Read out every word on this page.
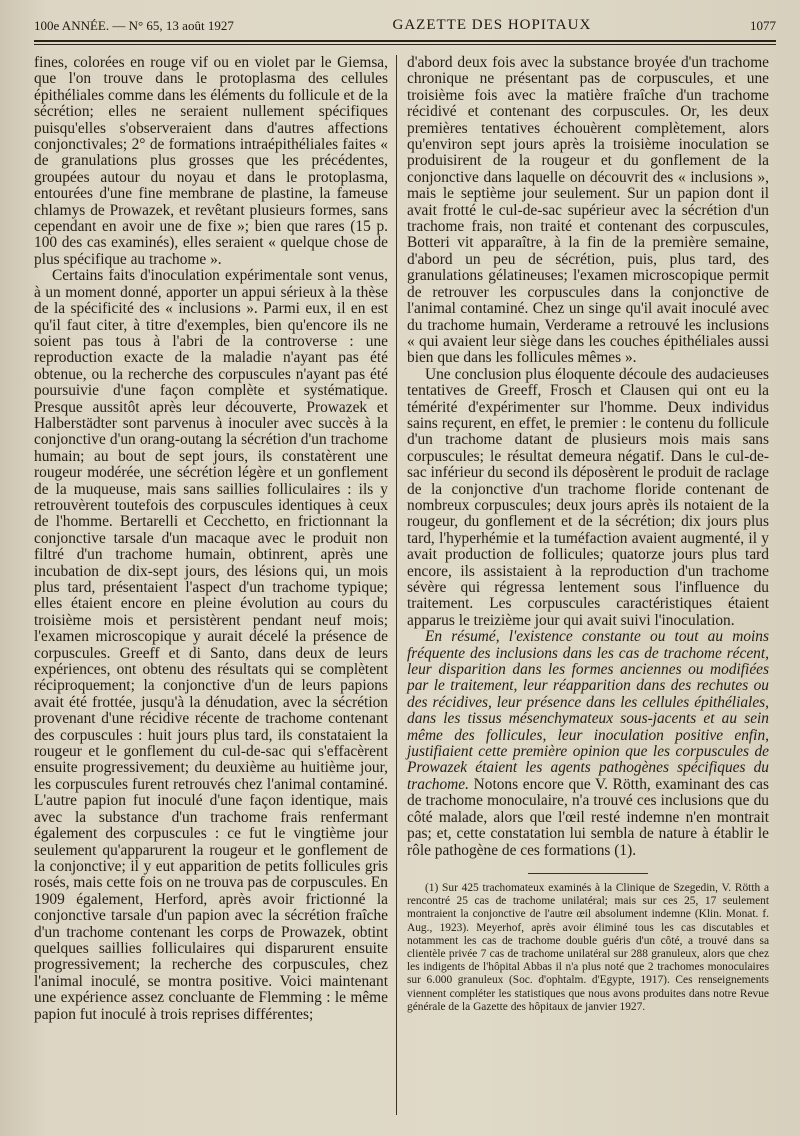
100e ANNÉE. — N° 65, 13 août 1927	GAZETTE DES HOPITAUX	1077

fines, colorées en rouge vif ou en violet par le Giemsa, que l'on trouve dans le protoplasma des cellules épithéliales comme dans les éléments du follicule et de la sécrétion; elles ne seraient nullement spécifiques puisqu'elles s'observeraient dans d'autres affections conjonctivales; 2° de formations intraépithéliales faites « de granulations plus grosses que les précédentes, groupées autour du noyau et dans le protoplasma, entourées d'une fine membrane de plastine, la fameuse chlamys de Prowazek, et revêtant plusieurs formes, sans cependant en avoir une de fixe »; bien que rares (15 p. 100 des cas examinés), elles seraient « quelque chose de plus spécifique au trachome ».

Certains faits d'inoculation expérimentale sont venus, à un moment donné, apporter un appui sérieux à la thèse de la spécificité des « inclusions ». Parmi eux, il en est qu'il faut citer, à titre d'exemples, bien qu'encore ils ne soient pas tous à l'abri de la controverse : une reproduction exacte de la maladie n'ayant pas été obtenue, ou la recherche des corpuscules n'ayant pas été poursuivie d'une façon complète et systématique. Presque aussitôt après leur découverte, Prowazek et Halberstädter sont parvenus à inoculer avec succès à la conjonctive d'un orang-outang la sécrétion d'un trachome humain; au bout de sept jours, ils constatèrent une rougeur modérée, une sécrétion légère et un gonflement de la muqueuse, mais sans saillies folliculaires : ils y retrouvèrent toutefois des corpuscules identiques à ceux de l'homme. Bertarelli et Cecchetto, en frictionnant la conjonctive tarsale d'un macaque avec le produit non filtré d'un trachome humain, obtinrent, après une incubation de dix-sept jours, des lésions qui, un mois plus tard, présentaient l'aspect d'un trachome typique; elles étaient encore en pleine évolution au cours du troisième mois et persistèrent pendant neuf mois; l'examen microscopique y aurait décelé la présence de corpuscules. Greeff et di Santo, dans deux de leurs expériences, ont obtenu des résultats qui se complètent réciproquement; la conjonctive d'un de leurs papions avait été frottée, jusqu'à la dénudation, avec la sécrétion provenant d'une récidive récente de trachome contenant des corpuscules : huit jours plus tard, ils constataient la rougeur et le gonflement du cul-de-sac qui s'effacèrent ensuite progressivement; du deuxième au huitième jour, les corpuscules furent retrouvés chez l'animal contaminé. L'autre papion fut inoculé d'une façon identique, mais avec la substance d'un trachome frais renfermant également des corpuscules : ce fut le vingtième jour seulement qu'apparurent la rougeur et le gonflement de la conjonctive; il y eut apparition de petits follicules gris rosés, mais cette fois on ne trouva pas de corpuscules. En 1909 également, Herford, après avoir frictionné la conjonctive tarsale d'un papion avec la sécrétion fraîche d'un trachome contenant les corps de Prowazek, obtint quelques saillies folliculaires qui disparurent ensuite progressivement; la recherche des corpuscules, chez l'animal inoculé, se montra positive. Voici maintenant une expérience assez concluante de Flemming : le même papion fut inoculé à trois reprises différentes;

d'abord deux fois avec la substance broyée d'un trachome chronique ne présentant pas de corpuscules, et une troisième fois avec la matière fraîche d'un trachome récidivé et contenant des corpuscules. Or, les deux premières tentatives échouèrent complètement, alors qu'environ sept jours après la troisième inoculation se produisirent de la rougeur et du gonflement de la conjonctive dans laquelle on découvrit des « inclusions », mais le septième jour seulement. Sur un papion dont il avait frotté le cul-de-sac supérieur avec la sécrétion d'un trachome frais, non traité et contenant des corpuscules, Botteri vit apparaître, à la fin de la première semaine, d'abord un peu de sécrétion, puis, plus tard, des granulations gélatineuses; l'examen microscopique permit de retrouver les corpuscules dans la conjonctive de l'animal contaminé. Chez un singe qu'il avait inoculé avec du trachome humain, Verderame a retrouvé les inclusions « qui avaient leur siège dans les couches épithéliales aussi bien que dans les follicules mêmes ».

Une conclusion plus éloquente découle des audacieuses tentatives de Greeff, Frosch et Clausen qui ont eu la témérité d'expérimenter sur l'homme. Deux individus sains reçurent, en effet, le premier : le contenu du follicule d'un trachome datant de plusieurs mois mais sans corpuscules; le résultat demeura négatif. Dans le cul-de-sac inférieur du second ils déposèrent le produit de raclage de la conjonctive d'un trachome floride contenant de nombreux corpuscules; deux jours après ils notaient de la rougeur, du gonflement et de la sécrétion; dix jours plus tard, l'hyperhémie et la tuméfaction avaient augmenté, il y avait production de follicules; quatorze jours plus tard encore, ils assistaient à la reproduction d'un trachome sévère qui régressa lentement sous l'influence du traitement. Les corpuscules caractéristiques étaient apparus le treizième jour qui avait suivi l'inoculation.

En résumé, l'existence constante ou tout au moins fréquente des inclusions dans les cas de trachome récent, leur disparition dans les formes anciennes ou modifiées par le traitement, leur réapparition dans des rechutes ou des récidives, leur présence dans les cellules épithéliales, dans les tissus mésenchymateux sous-jacents et au sein même des follicules, leur inoculation positive enfin, justifiaient cette première opinion que les corpuscules de Prowazek étaient les agents pathogènes spécifiques du trachome. Notons encore que V. Rötth, examinant des cas de trachome monoculaire, n'a trouvé ces inclusions que du côté malade, alors que l'œil resté indemne n'en montrait pas; et, cette constatation lui sembla de nature à établir le rôle pathogène de ces formations (1).

(1) Sur 425 trachomateux examinés à la Clinique de Szegedin, V. Rötth a rencontré 25 cas de trachome unilatéral; mais sur ces 25, 17 seulement montraient la conjonctive de l'autre œil absolument indemne (Klin. Monat. f. Aug., 1923). Meyerhof, après avoir éliminé tous les cas discutables et notamment les cas de trachome double guéris d'un côté, a trouvé dans sa clientèle privée 7 cas de trachome unilatéral sur 288 granuleux, alors que chez les indigents de l'hôpital Abbas il n'a plus noté que 2 trachomes monoculaires sur 6.000 granuleux (Soc. d'ophtalm. d'Egypte, 1917). Ces renseignements viennent compléter les statistiques que nous avons produites dans notre Revue générale de la Gazette des hôpitaux de janvier 1927.
